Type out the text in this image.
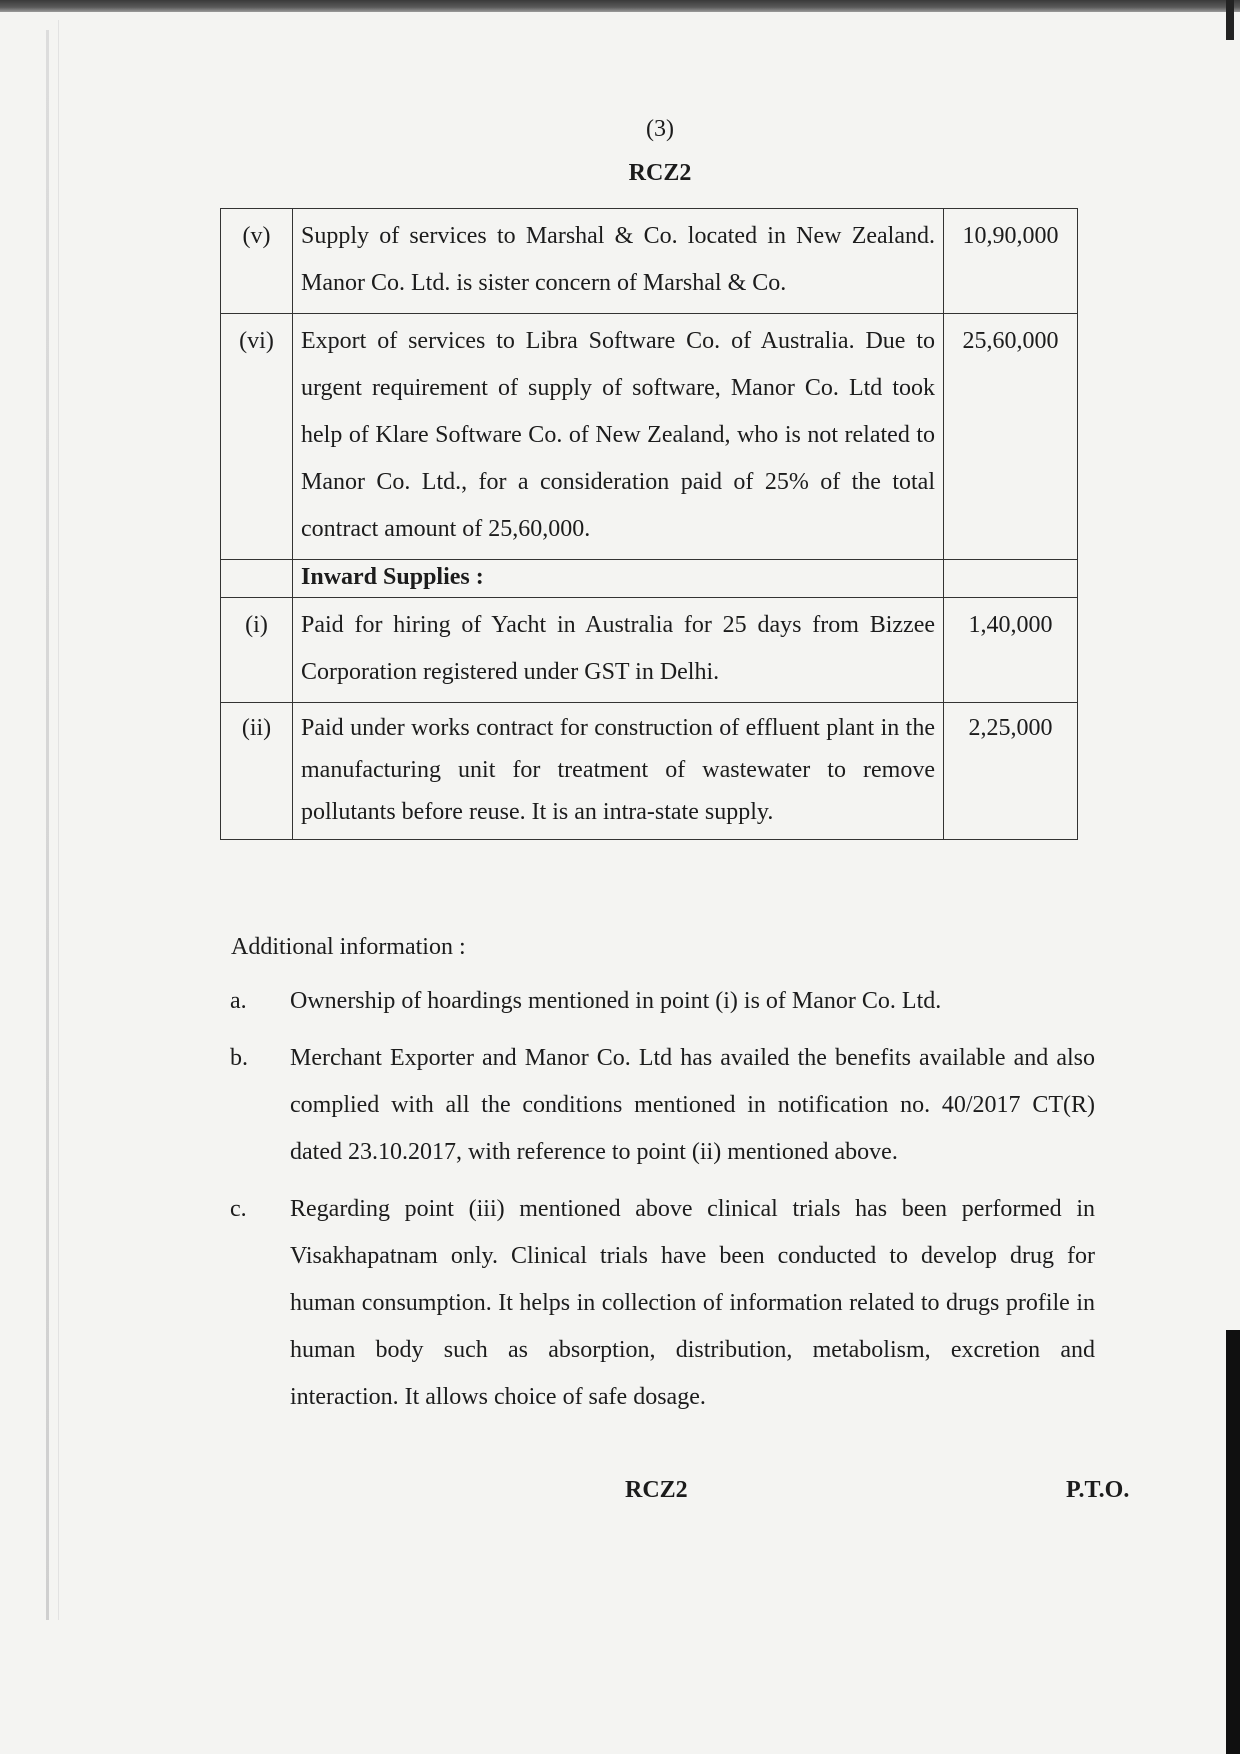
(3)
RCZ2
(v)	Supply of services to Marshal & Co. located in New Zealand. Manor Co. Ltd. is sister concern of Marshal & Co.	10,90,000
(vi)	Export of services to Libra Software Co. of Australia. Due to urgent requirement of supply of software, Manor Co. Ltd took help of Klare Software Co. of New Zealand, who is not related to Manor Co. Ltd., for a consideration paid of 25% of the total contract amount of 25,60,000.	25,60,000
	Inward Supplies :	
(i)	Paid for hiring of Yacht in Australia for 25 days from Bizzee Corporation registered under GST in Delhi.	1,40,000
(ii)	Paid under works contract for construction of effluent plant in the manufacturing unit for treatment of wastewater to remove pollutants before reuse. It is an intra-state supply.	2,25,000
Additional information :
a.	Ownership of hoardings mentioned in point (i) is of Manor Co. Ltd.
b.	Merchant Exporter and Manor Co. Ltd has availed the benefits available and also complied with all the conditions mentioned in notification no. 40/2017 CT(R) dated 23.10.2017, with reference to point (ii) mentioned above.
c.	Regarding point (iii) mentioned above clinical trials has been performed in Visakhapatnam only. Clinical trials have been conducted to develop drug for human consumption. It helps in collection of information related to drugs profile in human body such as absorption, distribution, metabolism, excretion and interaction. It allows choice of safe dosage.
RCZ2	P.T.O.
